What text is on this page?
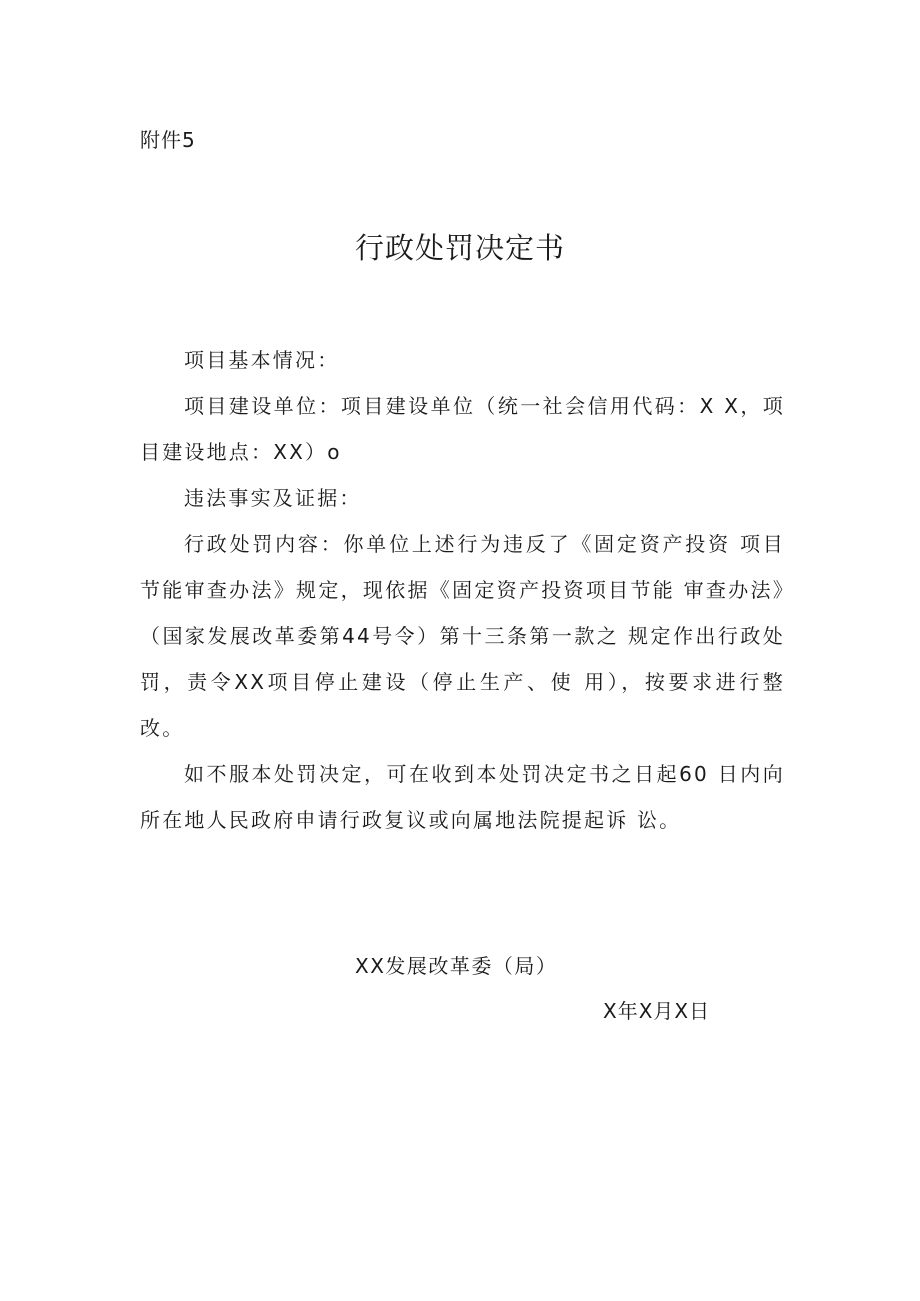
附件5
行政处罚决定书

项目基本情况：

项目建设单位：项目建设单位（统一社会信用代码：X X，项目建设地点：XX）o

违法事实及证据：

行政处罚内容：你单位上述行为违反了《固定资产投资 项目节能审查办法》规定，现依据《固定资产投资项目节能 审查办法》（国家发展改革委第44号令）第十三条第一款之 规定作出行政处罚，责令XX项目停止建设（停止生产、使 用），按要求进行整改。

如不服本处罚决定，可在收到本处罚决定书之日起60 日内向所在地人民政府申请行政复议或向属地法院提起诉 讼。

XX发展改革委（局）
X年X月X日
